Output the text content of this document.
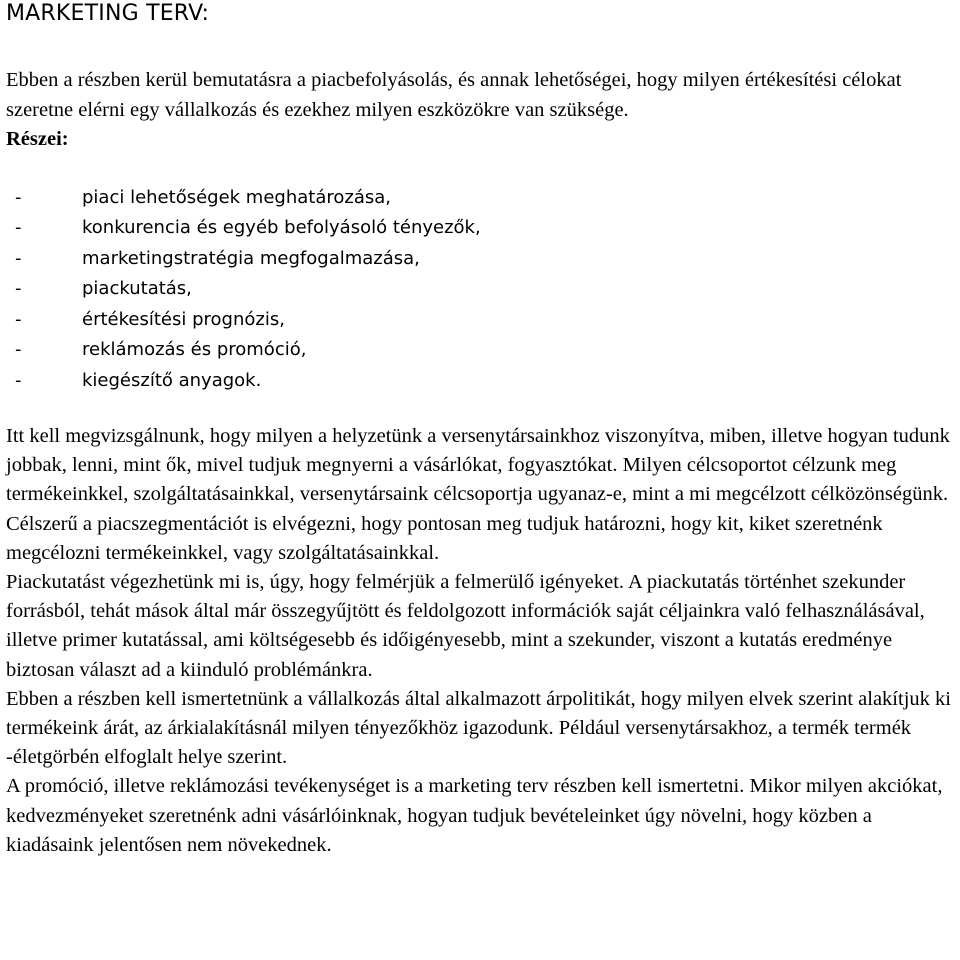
MARKETING TERV:

Ebben a részben kerül bemutatásra a piacbefolyásolás, és annak lehetőségei, hogy milyen értékesítési célokat szeretne elérni egy vállalkozás és ezekhez milyen eszközökre van szüksége.

Részei:

-	piaci lehetőségek meghatározása,
-	konkurencia és egyéb befolyásoló tényezők,
-	marketingstratégia megfogalmazása,
-	piackutatás,
-	értékesítési prognózis,
-	reklámozás és promóció,
-	kiegészítő anyagok.

Itt kell megvizsgálnunk, hogy milyen a helyzetünk a versenytársainkhoz viszonyítva, miben, illetve hogyan tudunk jobbak, lenni, mint ők, mivel tudjuk megnyerni a vásárlókat, fogyasztókat. Milyen célcsoportot célzunk meg termékeinkkel, szolgáltatásainkkal, versenytársaink célcsoportja ugyanaz-e, mint a mi megcélzott célközönségünk. Célszerű a piacszegmentációt is elvégezni, hogy pontosan meg tudjuk határozni, hogy kit, kiket szeretnénk megcélozni termékeinkkel, vagy szolgáltatásainkkal.

Piackutatást végezhetünk mi is, úgy, hogy felmérjük a felmerülő igényeket. A piackutatás történhet szekunder forrásból, tehát mások által már összegyűjtött és feldolgozott információk saját céljainkra való felhasználásával, illetve primer kutatással, ami költségesebb és időigényesebb, mint a szekunder, viszont a kutatás eredménye biztosan választ ad a kiinduló problémánkra.

Ebben a részben kell ismertetnünk a vállalkozás által alkalmazott árpolitikát, hogy milyen elvek szerint alakítjuk ki termékeink árát, az árkialakításnál milyen tényezőkhöz igazodunk. Például versenytársakhoz, a termék termék -életgörbén elfoglalt helye szerint.

A promóció, illetve reklámozási tevékenységet is a marketing terv részben kell ismertetni. Mikor milyen akciókat, kedvezményeket szeretnénk adni vásárlóinknak, hogyan tudjuk bevételeinket úgy növelni, hogy közben a kiadásaink jelentősen nem növekednek.
